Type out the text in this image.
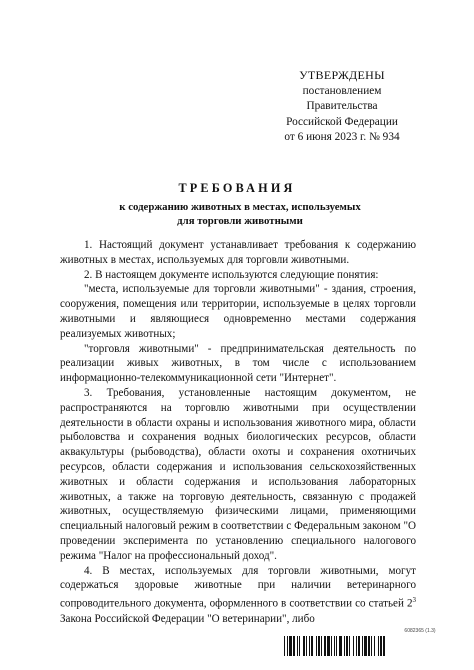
УТВЕРЖДЕНЫ
постановлением Правительства
Российской Федерации
от 6 июня 2023 г. № 934
ТРЕБОВАНИЯ
к содержанию животных в местах, используемых
для торговли животными

1. Настоящий документ устанавливает требования к содержанию животных в местах, используемых для торговли животными.

2. В настоящем документе используются следующие понятия:

"места, используемые для торговли животными" - здания, строения, сооружения, помещения или территории, используемые в целях торговли животными и являющиеся одновременно местами содержания реализуемых животных;

"торговля животными" - предпринимательская деятельность по реализации живых животных, в том числе с использованием информационно-телекоммуникационной сети "Интернет".

3. Требования, установленные настоящим документом, не распространяются на торговлю животными при осуществлении деятельности в области охраны и использования животного мира, области рыболовства и сохранения водных биологических ресурсов, области аквакультуры (рыбоводства), области охоты и сохранения охотничьих ресурсов, области содержания и использования сельскохозяйственных животных и области содержания и использования лабораторных животных, а также на торговую деятельность, связанную с продажей животных, осуществляемую физическими лицами, применяющими специальный налоговый режим в соответствии с Федеральным законом "О проведении эксперимента по установлению специального налогового режима "Налог на профессиональный доход".

4. В местах, используемых для торговли животными, могут содержаться здоровые животные при наличии ветеринарного сопроводительного документа, оформленного в соответствии со статьей $2^3$ Закона Российской Федерации "О ветеринарии", либо

6082365 (1.3)
